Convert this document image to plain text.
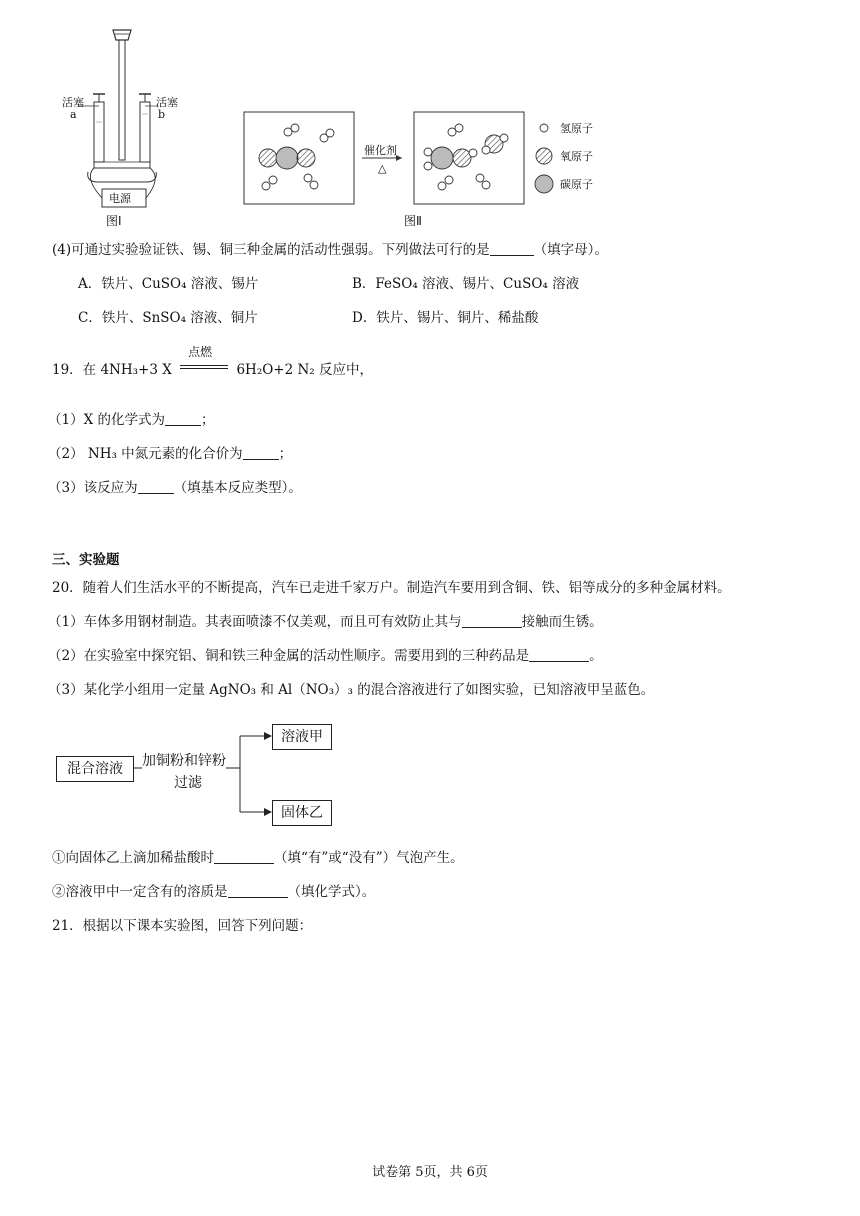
活塞	活塞
a	b
电源
图Ⅰ
催化剂
△
氢原子
氧原子
碳原子
图Ⅱ
(4)可通过实验验证铁、锡、铜三种金属的活动性强弱。下列做法可行的是	（填字母）。
A．铁片、CuSO₄ 溶液、锡片	B．FeSO₄ 溶液、锡片、CuSO₄ 溶液
C．铁片、SnSO₄ 溶液、铜片	D．铁片、锡片、铜片、稀盐酸
19．在 4NH₃+3 X
点燃
6H₂O+2 N₂ 反应中，
（1）X 的化学式为	；
（2） NH₃ 中氮元素的化合价为	；
（3）该反应为	（填基本反应类型）。
三、实验题
20．随着人们生活水平的不断提高，汽车已走进千家万户。制造汽车要用到含铜、铁、铝等成分的多种金属材料。
（1）车体多用钢材制造。其表面喷漆不仅美观，而且可有效防止其与	接触而生锈。
（2）在实验室中探究铝、铜和铁三种金属的活动性顺序。需要用到的三种药品是	。
（3）某化学小组用一定量 AgNO₃ 和 Al（NO₃）₃ 的混合溶液进行了如图实验，已知溶液甲呈蓝色。
混合溶液	加铜粉和锌粉
过滤
溶液甲
固体乙
①向固体乙上滴加稀盐酸时	（填“有”或“没有”）气泡产生。
②溶液甲中一定含有的溶质是	（填化学式）。
21．根据以下课本实验图，回答下列问题：
试卷第 5页，共 6页
